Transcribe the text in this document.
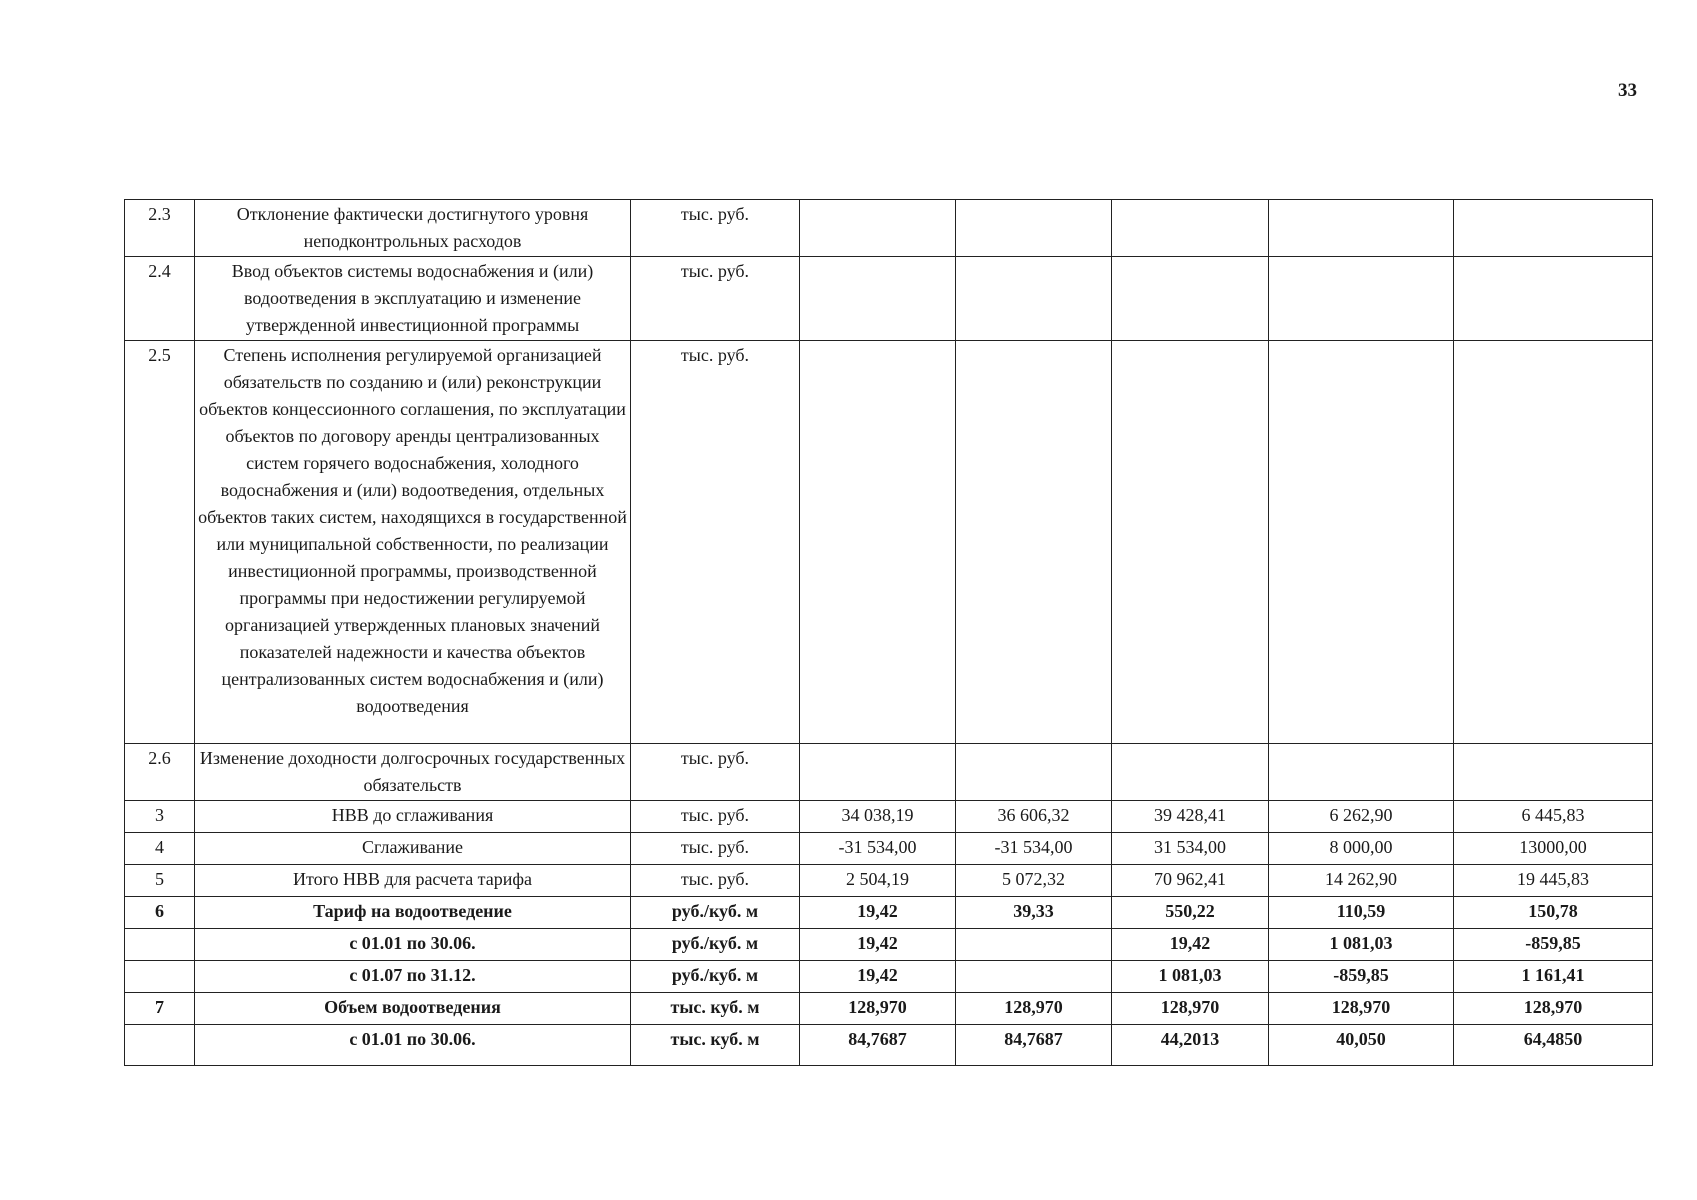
33
2.3	Отклонение фактически достигнутого уровня неподконтрольных расходов	тыс. руб.					
2.4	Ввод объектов системы водоснабжения и (или) водоотведения в эксплуатацию и изменение утвержденной инвестиционной программы	тыс. руб.					
2.5	Степень исполнения регулируемой организацией обязательств по созданию и (или) реконструкции объектов концессионного соглашения, по эксплуатации объектов по договору аренды централизованных систем горячего водоснабжения, холодного водоснабжения и (или) водоотведения, отдельных объектов таких систем, находящихся в государственной или муниципальной собственности, по реализации инвестиционной программы, производственной программы при недостижении регулируемой организацией утвержденных плановых значений показателей надежности и качества объектов централизованных систем водоснабжения и (или) водоотведения	тыс. руб.					
2.6	Изменение доходности долгосрочных государственных обязательств	тыс. руб.					
3	НВВ до сглаживания	тыс. руб.	34 038,19	36 606,32	39 428,41	6 262,90	6 445,83
4	Сглаживание	тыс. руб.	-31 534,00	-31 534,00	31 534,00	8 000,00	13000,00
5	Итого НВВ для расчета тарифа	тыс. руб.	2 504,19	5 072,32	70 962,41	14 262,90	19 445,83
6	Тариф на водоотведение	руб./куб. м	19,42	39,33	550,22	110,59	150,78
	с 01.01 по 30.06.	руб./куб. м	19,42		19,42	1 081,03	-859,85
	с 01.07 по 31.12.	руб./куб. м	19,42		1 081,03	-859,85	1 161,41
7	Объем водоотведения	тыс. куб. м	128,970	128,970	128,970	128,970	128,970
	с 01.01 по 30.06.	тыс. куб. м	84,7687	84,7687	44,2013	40,050	64,4850
